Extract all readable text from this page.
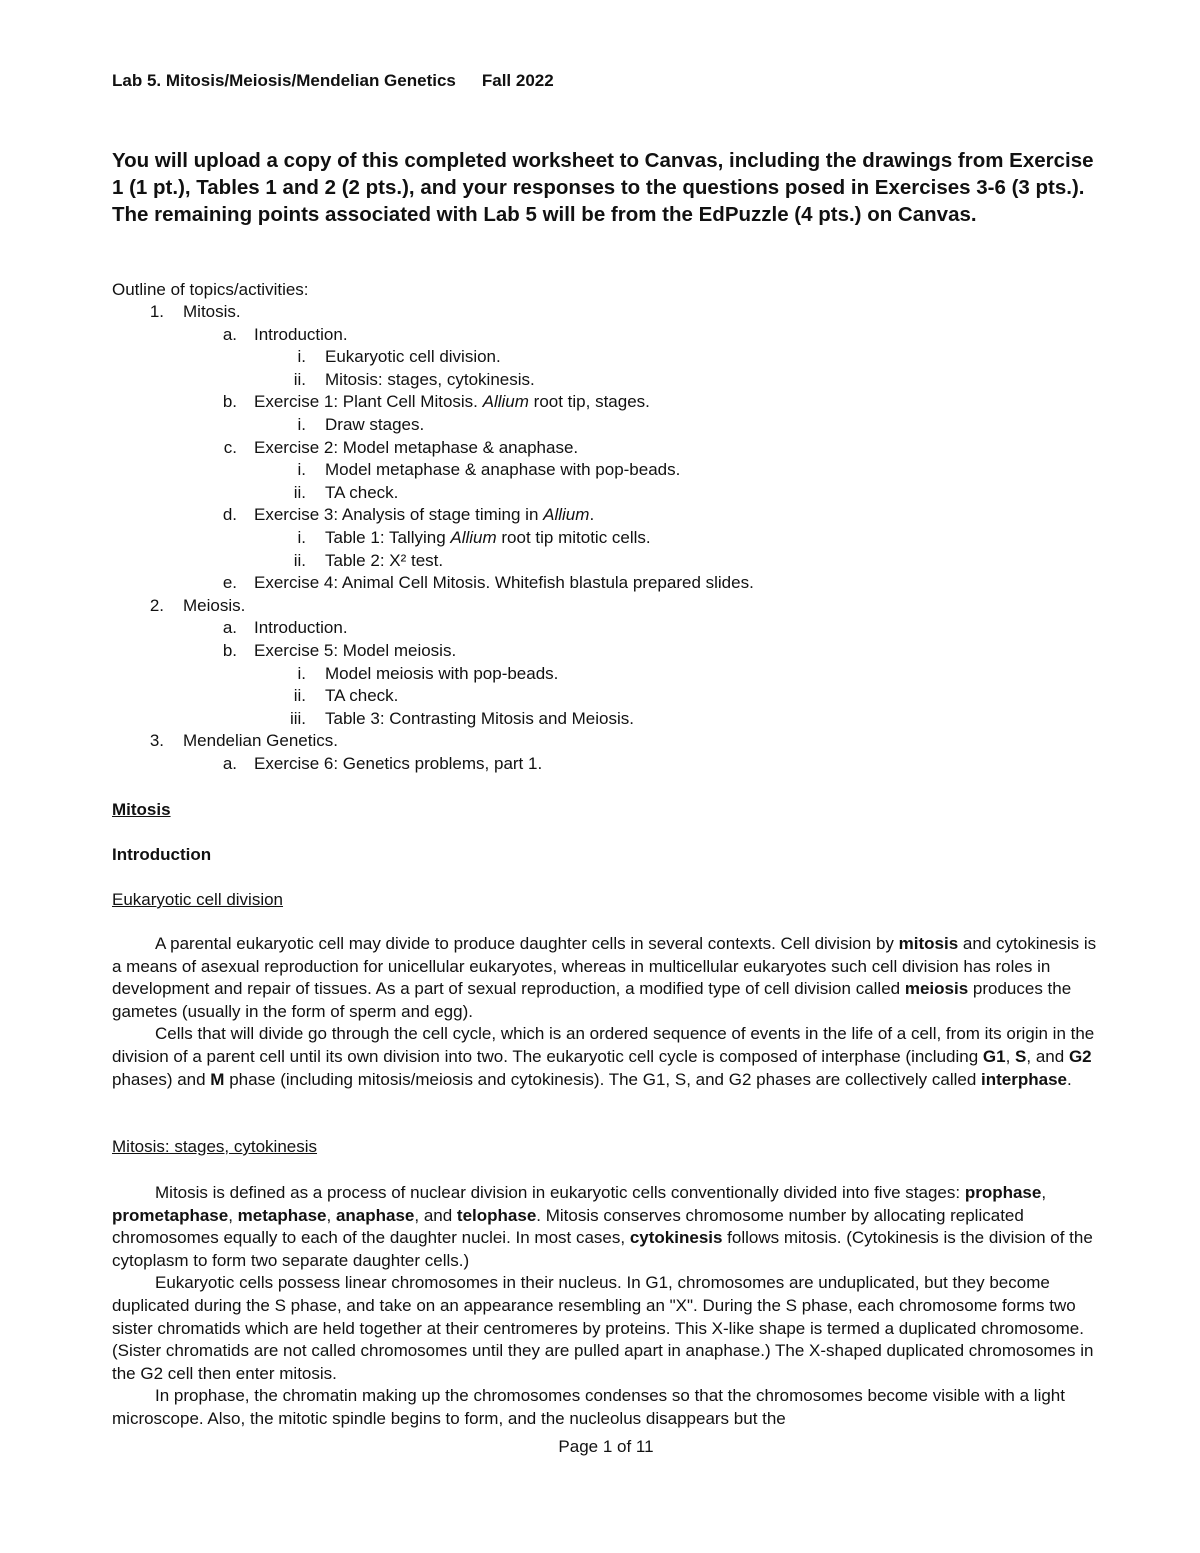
Lab 5. Mitosis/Meiosis/Mendelian Genetics Fall 2022

You will upload a copy of this completed worksheet to Canvas, including the drawings from Exercise 1 (1 pt.), Tables 1 and 2 (2 pts.), and your responses to the questions posed in Exercises 3-6 (3 pts.). The remaining points associated with Lab 5 will be from the EdPuzzle (4 pts.) on Canvas.

Outline of topics/activities:
1. Mitosis.
a. Introduction.
i. Eukaryotic cell division.
ii. Mitosis: stages, cytokinesis.
b. Exercise 1: Plant Cell Mitosis. Allium root tip, stages.
i. Draw stages.
c. Exercise 2: Model metaphase & anaphase.
i. Model metaphase & anaphase with pop-beads.
ii. TA check.
d. Exercise 3: Analysis of stage timing in Allium.
i. Table 1: Tallying Allium root tip mitotic cells.
ii. Table 2: X² test.
e. Exercise 4: Animal Cell Mitosis. Whitefish blastula prepared slides.
2. Meiosis.
a. Introduction.
b. Exercise 5: Model meiosis.
i. Model meiosis with pop-beads.
ii. TA check.
iii. Table 3: Contrasting Mitosis and Meiosis.
3. Mendelian Genetics.
a. Exercise 6: Genetics problems, part 1.
Mitosis
Introduction
Eukaryotic cell division

A parental eukaryotic cell may divide to produce daughter cells in several contexts. Cell division by mitosis and cytokinesis is a means of asexual reproduction for unicellular eukaryotes, whereas in multicellular eukaryotes such cell division has roles in development and repair of tissues. As a part of sexual reproduction, a modified type of cell division called meiosis produces the gametes (usually in the form of sperm and egg).

Cells that will divide go through the cell cycle, which is an ordered sequence of events in the life of a cell, from its origin in the division of a parent cell until its own division into two. The eukaryotic cell cycle is composed of interphase (including G1, S, and G2 phases) and M phase (including mitosis/meiosis and cytokinesis). The G1, S, and G2 phases are collectively called interphase.

Mitosis: stages, cytokinesis

Mitosis is defined as a process of nuclear division in eukaryotic cells conventionally divided into five stages: prophase, prometaphase, metaphase, anaphase, and telophase. Mitosis conserves chromosome number by allocating replicated chromosomes equally to each of the daughter nuclei. In most cases, cytokinesis follows mitosis. (Cytokinesis is the division of the cytoplasm to form two separate daughter cells.)

Eukaryotic cells possess linear chromosomes in their nucleus. In G1, chromosomes are unduplicated, but they become duplicated during the S phase, and take on an appearance resembling an "X". During the S phase, each chromosome forms two sister chromatids which are held together at their centromeres by proteins. This X-like shape is termed a duplicated chromosome. (Sister chromatids are not called chromosomes until they are pulled apart in anaphase.) The X-shaped duplicated chromosomes in the G2 cell then enter mitosis.

In prophase, the chromatin making up the chromosomes condenses so that the chromosomes become visible with a light microscope. Also, the mitotic spindle begins to form, and the nucleolus disappears but the

Page 1 of 11
